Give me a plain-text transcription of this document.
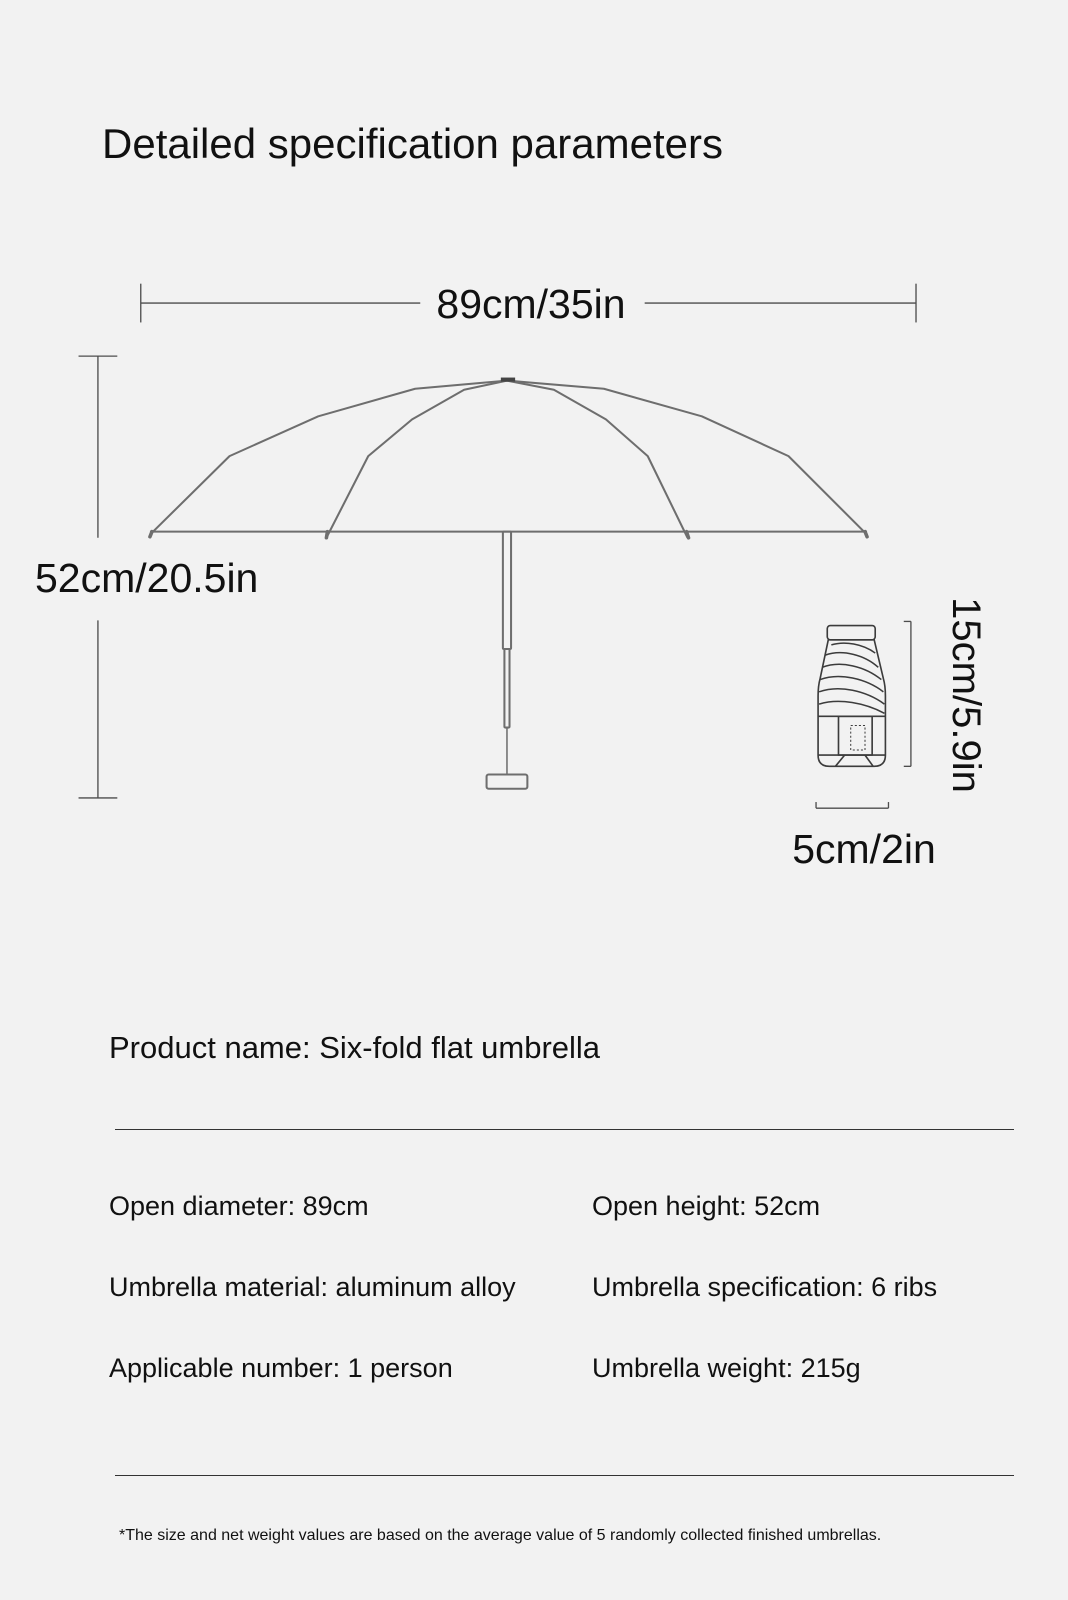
Detailed specification parameters
89cm/35in
52cm/20.5in
15cm/5.9in
5cm/2in
Product name: Six-fold flat umbrella
Open diameter: 89cm	Open height: 52cm
Umbrella material: aluminum alloy	Umbrella specification: 6 ribs
Applicable number: 1 person	Umbrella weight: 215g
*The size and net weight values are based on the average value of 5 randomly collected finished umbrellas.
